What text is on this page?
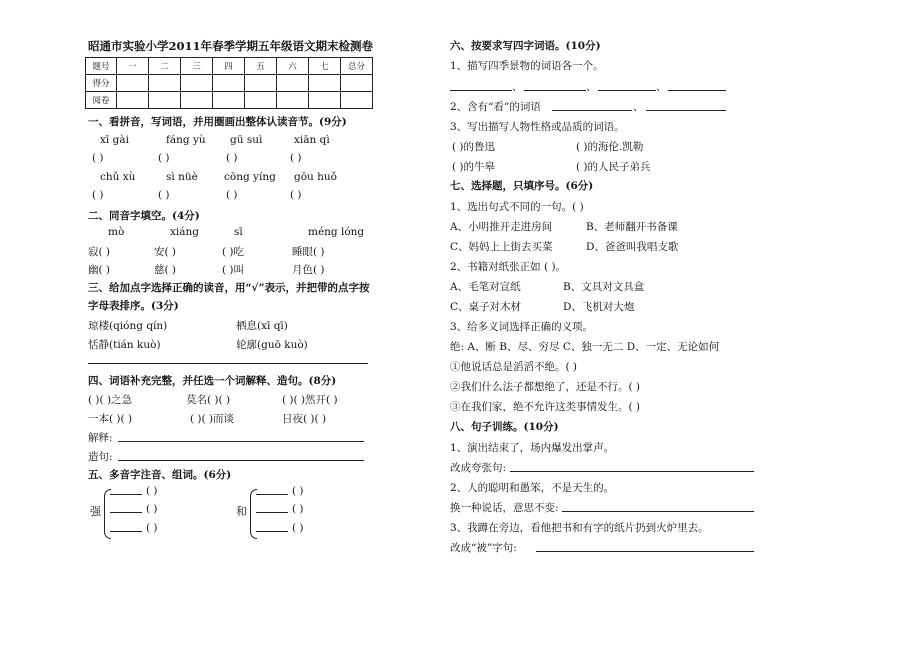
昭通市实验小学2011年春季学期五年级语文期末检测卷
题号	一	二	三	四	五	六	七	总分
得分								
阅卷								
一、看拼音，写词语，并用圈画出整体认读音节。(9分)
xī gài	fáng yù gū suì	xiān qì
( )	( )	( )	( )
chǔ xù	sì nüè cōng yíng gōu huǒ
( )	( )	( )	( )
二、同音字填空。(4分)
mò	xiáng	sī	méng lóng
寂( )	安( )	( )吃	睡眼( )
幽( )	慈( )	( )叫	月色( )
三、给加点字选择正确的读音，用“√”表示，并把带的点字按
字母表排序。(3分)
琼楼(qióng qín)	栖息(xī qī)
恬静(tián kuò)	轮廓(guō kuò)
四、词语补充完整，并任选一个词解释、造句。(8分)
( )( )之急	莫名( )( )	( )( )然开( )
一本( )( )	( )( )而谈	日夜( )( )
解释:
造句:
五、多音字注音、组词。(6分)
强
( )
( )
( )
和
( )
( )
( )
六、按要求写四字词语。(10分)
1、描写四季景物的词语各一个。
、	、	、
2、含有“看”的词语	、
3、写出描写人物性格或品质的词语。
( )的鲁迅	( )的海伦.凯勒
( )的牛皋	( )的人民子弟兵
七、选择题，只填序号。(6分)
1、选出句式不同的一句。( )
A、小明推开走进房间	B、老师翻开书备课
C、妈妈上上街去买菜	D、爸爸叫我唱支歌
2、书籍对纸张正如 ( )。
A、毛笔对宣纸	B、文具对文具盒
C、桌子对木材	D、飞机对大炮
3、给多义词选择正确的义项。
绝: A、断 B、尽、穷尽 C、独一无二 D、一定、无论如何
①他说话总是滔滔不绝。( )
②我们什么法子都想绝了，还是不行。( )
③在我们家，绝不允许这类事情发生。( )
八、句子训练。(10分)
1、演出结束了，场内爆发出掌声。
改成夸张句:
2、人的聪明和愚笨，不是天生的。
换一种说话，意思不变:
3、我蹲在旁边，看他把书和有字的纸片扔到火炉里去。
改成“被”字句:
